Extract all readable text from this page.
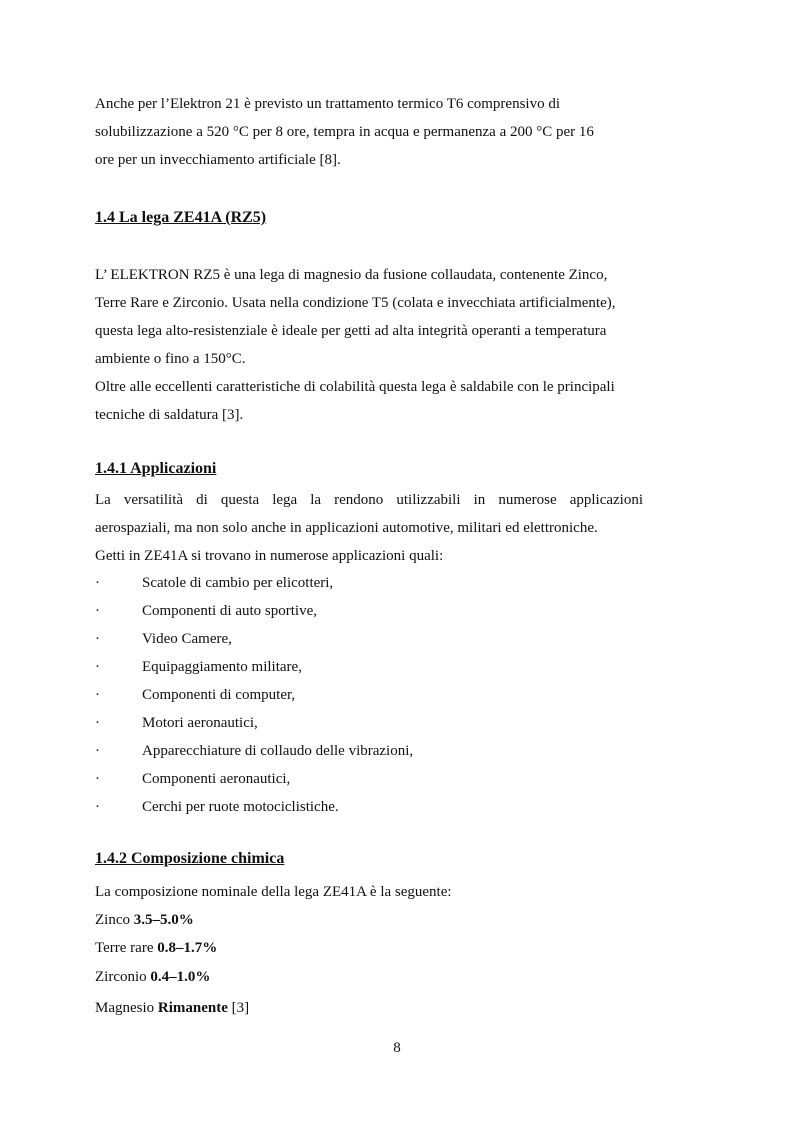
Anche per l’Elektron 21 è previsto un trattamento termico T6 comprensivo di
solubilizzazione a 520 °C per 8 ore, tempra in acqua e permanenza a 200 °C per 16
ore per un invecchiamento artificiale [8].
1.4 La lega ZE41A (RZ5)
L’ ELEKTRON RZ5 è una lega di magnesio da fusione collaudata, contenente Zinco,
Terre Rare e Zirconio. Usata nella condizione T5 (colata e invecchiata artificialmente),
questa lega alto-resistenziale è ideale per getti ad alta integrità operanti a temperatura
ambiente o fino a 150°C.
Oltre alle eccellenti caratteristiche di colabilità questa lega è saldabile con le principali
tecniche di saldatura [3].
1.4.1 Applicazioni
La versatilità di questa lega la rendono utilizzabili in numerose applicazioni
aerospaziali, ma non solo anche in applicazioni automotive, militari ed elettroniche.
Getti in ZE41A si trovano in numerose applicazioni quali:
·	Scatole di cambio per elicotteri,
·	Componenti di auto sportive,
·	Video Camere,
·	Equipaggiamento militare,
·	Componenti di computer,
·	Motori aeronautici,
·	Apparecchiature di collaudo delle vibrazioni,
·	Componenti aeronautici,
·	Cerchi per ruote motociclistiche.
1.4.2 Composizione chimica
La composizione nominale della lega ZE41A è la seguente:
Zinco 3.5–5.0%
Terre rare 0.8–1.7%
Zirconio 0.4–1.0%
Magnesio Rimanente [3]
8
